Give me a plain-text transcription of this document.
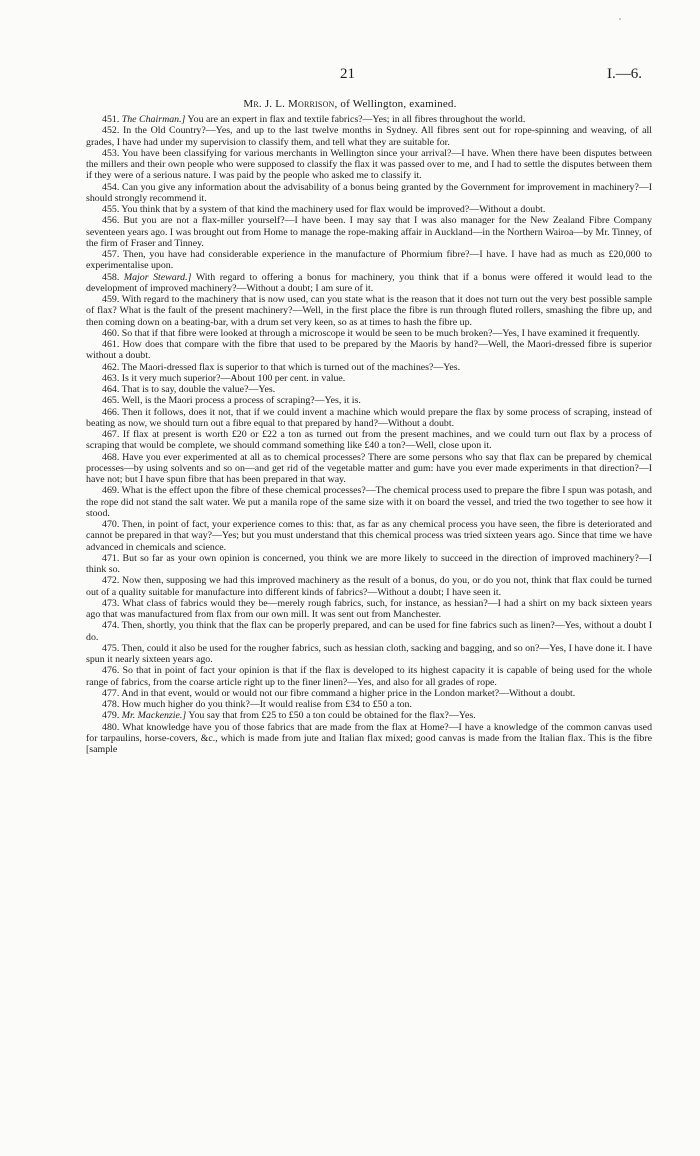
21	I.—6.
Mr. J. L. Morrison, of Wellington, examined.

451. The Chairman.] You are an expert in flax and textile fabrics?—Yes; in all fibres throughout the world.

452. In the Old Country?—Yes, and up to the last twelve months in Sydney. All fibres sent out for rope-spinning and weaving, of all grades, I have had under my supervision to classify them, and tell what they are suitable for.

453. You have been classifying for various merchants in Wellington since your arrival?—I have. When there have been disputes between the millers and their own people who were supposed to classify the flax it was passed over to me, and I had to settle the disputes between them if they were of a serious nature. I was paid by the people who asked me to classify it.

454. Can you give any information about the advisability of a bonus being granted by the Government for improvement in machinery?—I should strongly recommend it.

455. You think that by a system of that kind the machinery used for flax would be improved?—Without a doubt.

456. But you are not a flax-miller yourself?—I have been. I may say that I was also manager for the New Zealand Fibre Company seventeen years ago. I was brought out from Home to manage the rope-making affair in Auckland—in the Northern Wairoa—by Mr. Tinney, of the firm of Fraser and Tinney.

457. Then, you have had considerable experience in the manufacture of Phormium fibre?—I have. I have had as much as £20,000 to experimentalise upon.

458. Major Steward.] With regard to offering a bonus for machinery, you think that if a bonus were offered it would lead to the development of improved machinery?—Without a doubt; I am sure of it.

459. With regard to the machinery that is now used, can you state what is the reason that it does not turn out the very best possible sample of flax? What is the fault of the present machinery?—Well, in the first place the fibre is run through fluted rollers, smashing the fibre up, and then coming down on a beating-bar, with a drum set very keen, so as at times to hash the fibre up.

460. So that if that fibre were looked at through a microscope it would be seen to be much broken?—Yes, I have examined it frequently.

461. How does that compare with the fibre that used to be prepared by the Maoris by hand?—Well, the Maori-dressed fibre is superior without a doubt.

462. The Maori-dressed flax is superior to that which is turned out of the machines?—Yes.

463. Is it very much superior?—About 100 per cent. in value.

464. That is to say, double the value?—Yes.

465. Well, is the Maori process a process of scraping?—Yes, it is.

466. Then it follows, does it not, that if we could invent a machine which would prepare the flax by some process of scraping, instead of beating as now, we should turn out a fibre equal to that prepared by hand?—Without a doubt.

467. If flax at present is worth £20 or £22 a ton as turned out from the present machines, and we could turn out flax by a process of scraping that would be complete, we should command something like £40 a ton?—Well, close upon it.

468. Have you ever experimented at all as to chemical processes? There are some persons who say that flax can be prepared by chemical processes—by using solvents and so on—and get rid of the vegetable matter and gum: have you ever made experiments in that direction?—I have not; but I have spun fibre that has been prepared in that way.

469. What is the effect upon the fibre of these chemical processes?—The chemical process used to prepare the fibre I spun was potash, and the rope did not stand the salt water. We put a manila rope of the same size with it on board the vessel, and tried the two together to see how it stood.

470. Then, in point of fact, your experience comes to this: that, as far as any chemical process you have seen, the fibre is deteriorated and cannot be prepared in that way?—Yes; but you must understand that this chemical process was tried sixteen years ago. Since that time we have advanced in chemicals and science.

471. But so far as your own opinion is concerned, you think we are more likely to succeed in the direction of improved machinery?—I think so.

472. Now then, supposing we had this improved machinery as the result of a bonus, do you, or do you not, think that flax could be turned out of a quality suitable for manufacture into different kinds of fabrics?—Without a doubt; I have seen it.

473. What class of fabrics would they be—merely rough fabrics, such, for instance, as hessian?—I had a shirt on my back sixteen years ago that was manufactured from flax from our own mill. It was sent out from Manchester.

474. Then, shortly, you think that the flax can be properly prepared, and can be used for fine fabrics such as linen?—Yes, without a doubt I do.

475. Then, could it also be used for the rougher fabrics, such as hessian cloth, sacking and bagging, and so on?—Yes, I have done it. I have spun it nearly sixteen years ago.

476. So that in point of fact your opinion is that if the flax is developed to its highest capacity it is capable of being used for the whole range of fabrics, from the coarse article right up to the finer linen?—Yes, and also for all grades of rope.

477. And in that event, would or would not our fibre command a higher price in the London market?—Without a doubt.

478. How much higher do you think?—It would realise from £34 to £50 a ton.

479. Mr. Mackenzie.] You say that from £25 to £50 a ton could be obtained for the flax?—Yes.

480. What knowledge have you of those fabrics that are made from the flax at Home?—I have a knowledge of the common canvas used for tarpaulins, horse-covers, &c., which is made from jute and Italian flax mixed; good canvas is made from the Italian flax. This is the fibre [sample
